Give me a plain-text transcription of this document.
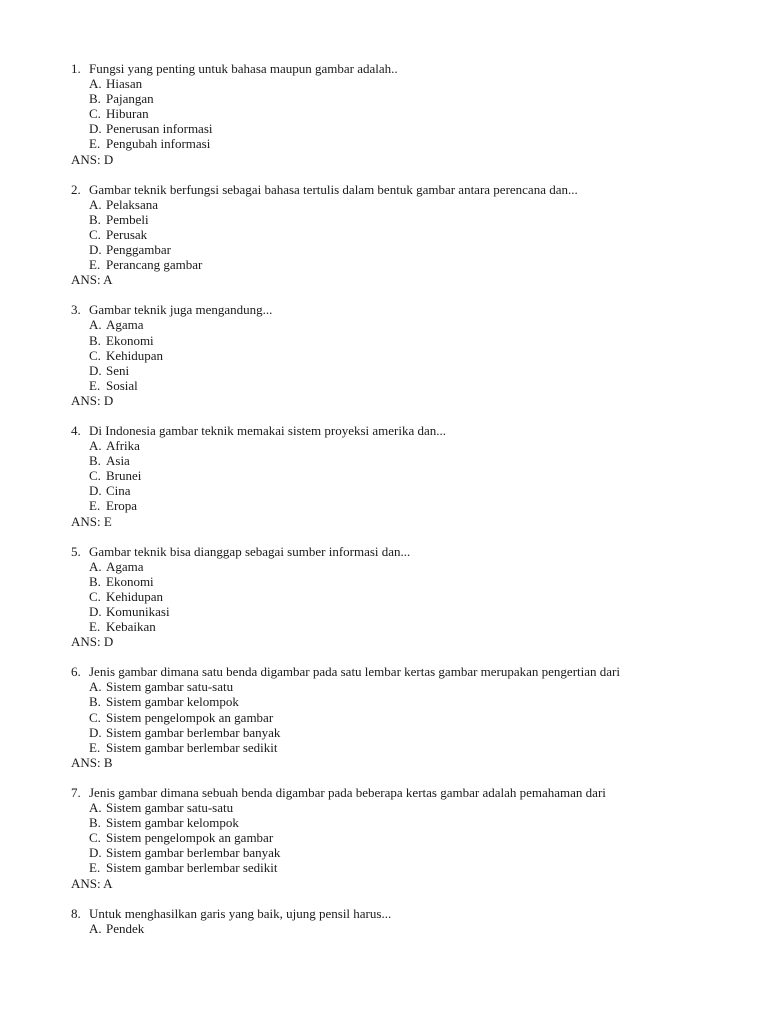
1. Fungsi yang penting untuk bahasa maupun gambar adalah..
A. Hiasan
B. Pajangan
C. Hiburan
D. Penerusan informasi
E. Pengubah informasi
ANS: D
2. Gambar teknik berfungsi sebagai bahasa tertulis dalam bentuk gambar antara perencana dan...
A. Pelaksana
B. Pembeli
C. Perusak
D. Penggambar
E. Perancang gambar
ANS: A
3. Gambar teknik juga mengandung...
A. Agama
B. Ekonomi
C. Kehidupan
D. Seni
E. Sosial
ANS: D
4. Di Indonesia gambar teknik memakai sistem proyeksi amerika dan...
A. Afrika
B. Asia
C. Brunei
D. Cina
E. Eropa
ANS: E
5. Gambar teknik bisa dianggap sebagai sumber informasi dan...
A. Agama
B. Ekonomi
C. Kehidupan
D. Komunikasi
E. Kebaikan
ANS: D
6. Jenis gambar dimana satu benda digambar pada satu lembar kertas gambar merupakan pengertian dari
A. Sistem gambar satu-satu
B. Sistem gambar kelompok
C. Sistem pengelompok an gambar
D. Sistem gambar berlembar banyak
E. Sistem gambar berlembar sedikit
ANS: B
7. Jenis gambar dimana sebuah benda digambar pada beberapa kertas gambar adalah pemahaman dari
A. Sistem gambar satu-satu
B. Sistem gambar kelompok
C. Sistem pengelompok an gambar
D. Sistem gambar berlembar banyak
E. Sistem gambar berlembar sedikit
ANS: A
8. Untuk menghasilkan garis yang baik, ujung pensil harus...
A. Pendek
